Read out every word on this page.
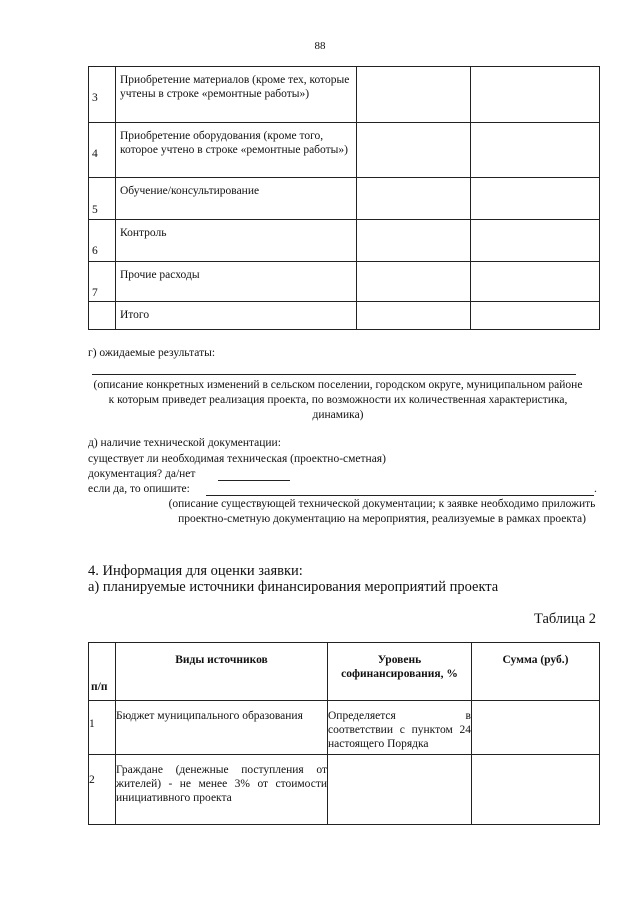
88
3	Приобретение материалов (кроме тех, которые учтены в строке «ремонтные работы»)		

4	Приобретение оборудования (кроме того, которое учтено в строке «ремонтные работы»)		

5	Обучение/консультирование		

6	Контроль		

7	Прочие расходы		

	Итого		

г) ожидаемые результаты:
(описание конкретных изменений в сельском поселении, городском округе, муниципальном районе к которым приведет реализация проекта, по возможности их количественная характеристика, динамика)
д) наличие технической документации:
существует ли необходимая техническая (проектно-сметная)
документация? да/нет
если да, то опишите:	.
(описание существующей технической документации; к заявке необходимо приложить проектно-сметную документацию на мероприятия, реализуемые в рамках проекта)
4. Информация для оценки заявки:
а) планируемые источники финансирования мероприятий проекта
Таблица 2
п/п	Виды источников	Уровень софинансирования, %	Сумма (руб.)

1	Бюджет муниципального образования	Определяется в соответствии с пунктом 24 настоящего Порядка	

2	Граждане (денежные поступления от жителей) - не менее 3% от стоимости инициативного проекта		
